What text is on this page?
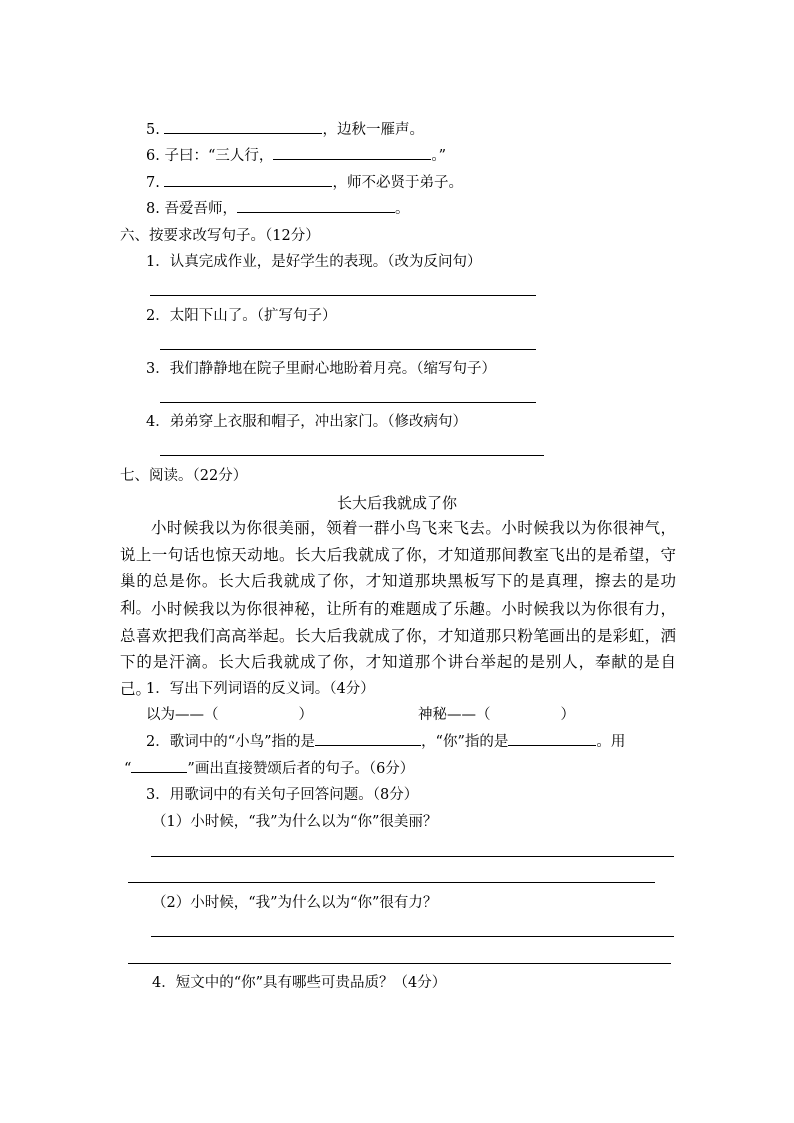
5.	，边秋一雁声。
6. 子曰：“三人行，	。”
7.	，师不必贤于弟子。
8. 吾爱吾师，	。
六、按要求改写句子。（12分）
1．认真完成作业，是好学生的表现。（改为反问句）
2．太阳下山了。（扩写句子）
3．我们静静地在院子里耐心地盼着月亮。（缩写句子）
4．弟弟穿上衣服和帽子，冲出家门。（修改病句）
七、阅读。（22分）
长大后我就成了你
小时候我以为你很美丽，领着一群小鸟飞来飞去。小时候我以为你很神气，说上一句话也惊天动地。长大后我就成了你，才知道那间教室飞出的是希望，守巢的总是你。长大后我就成了你，才知道那块黑板写下的是真理，擦去的是功利。 小时候我以为你很神秘，让所有的难题成了乐趣。小时候我以为你很有力，总喜欢把我们高高举起。长大后我就成了你，才知道那只粉笔画出的是彩虹，洒下的是汗滴。长大后我就成了你，才知道那个讲台举起的是别人，奉献的是自己。
1．写出下列词语的反义词。（4分）
以为——（	）	神秘——（	）
2．歌词中的“小鸟”指的是	，“你”指的是	。用
“	”画出直接赞颂后者的句子。（6分）
3．用歌词中的有关句子回答问题。（8分）
（1）小时候，“我”为什么以为“你”很美丽？
（2）小时候，“我”为什么以为“你”很有力？
4．短文中的“你”具有哪些可贵品质？（4分）
